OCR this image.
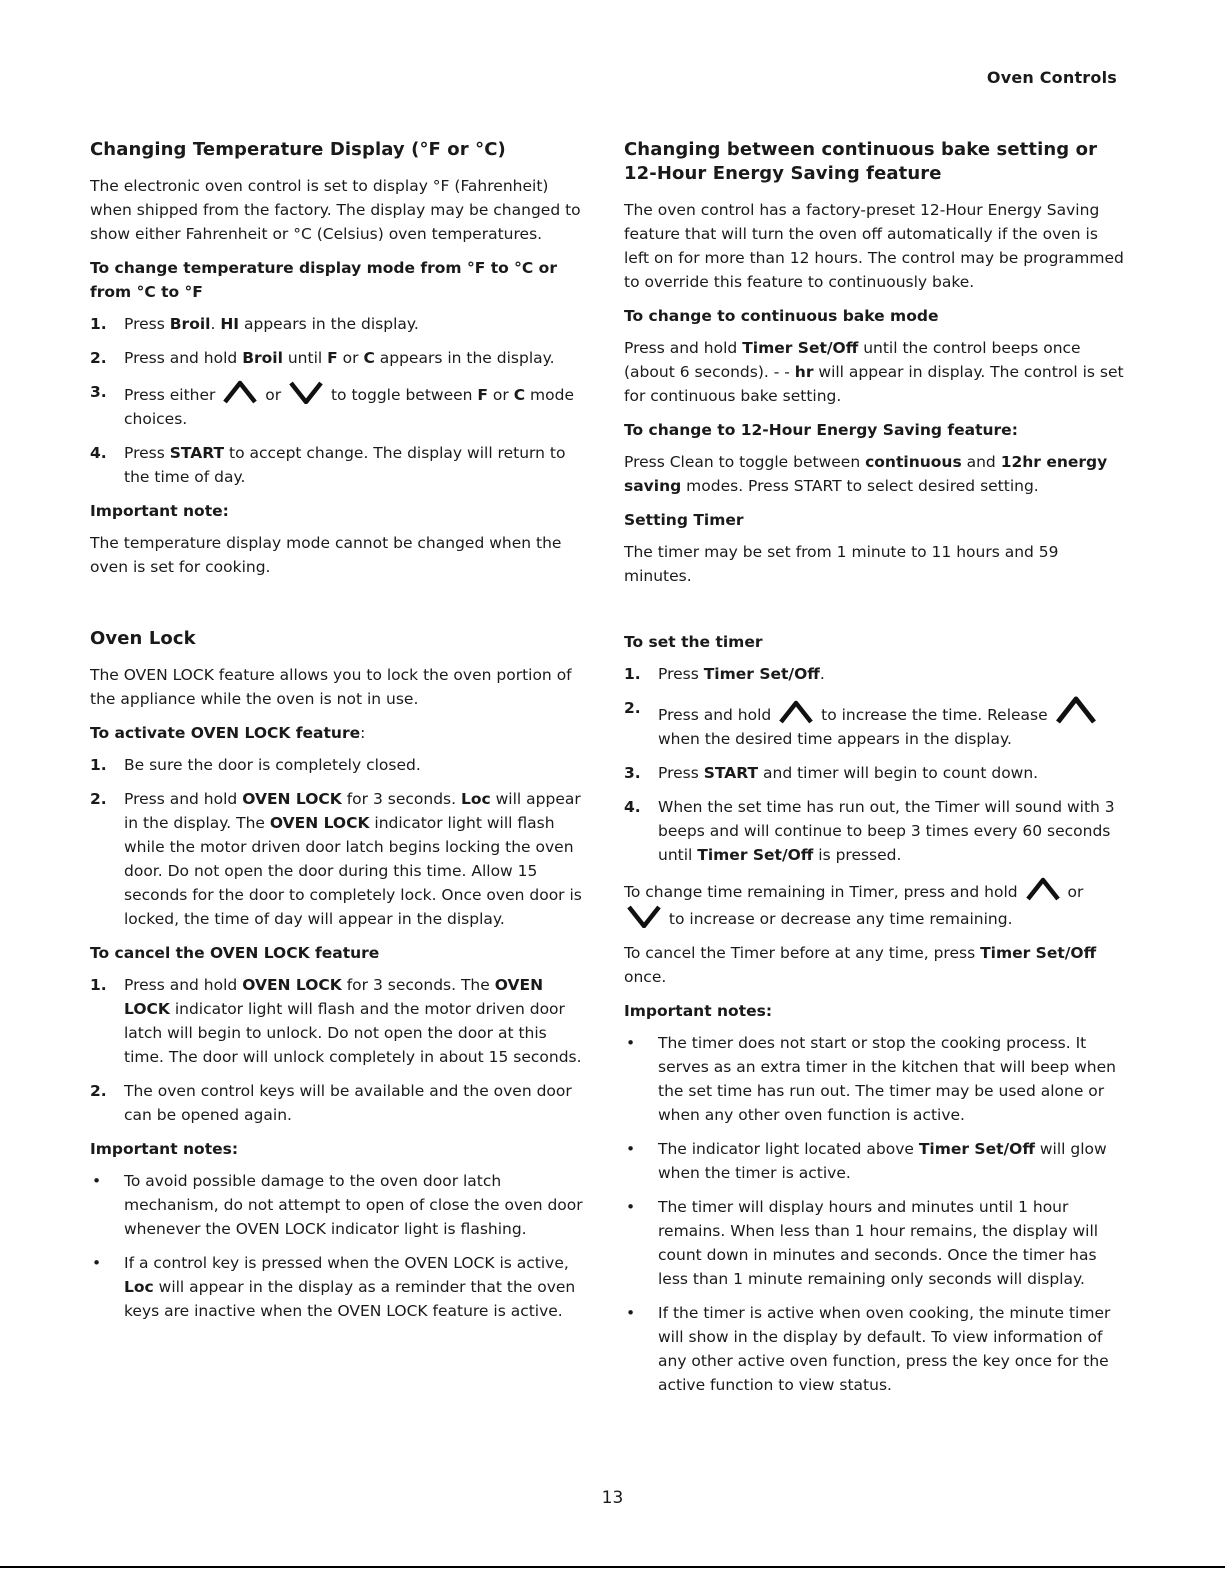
Oven Controls
Changing Temperature Display (°F or °C)

The electronic oven control is set to display °F (Fahrenheit) when shipped from the factory. The display may be changed to show either Fahrenheit or °C (Celsius) oven temperatures.

To change temperature display mode from °F to °C or from °C to °F
1. Press Broil. HI appears in the display.
2. Press and hold Broil until F or C appears in the display.
3. Press either	or	to toggle between F or C mode choices.
4. Press START to accept change. The display will return to the time of day.
Important note:

The temperature display mode cannot be changed when the oven is set for cooking.

Oven Lock

The OVEN LOCK feature allows you to lock the oven portion of the appliance while the oven is not in use.

To activate OVEN LOCK feature:
1. Be sure the door is completely closed.
2. Press and hold OVEN LOCK for 3 seconds. Loc will appear in the display. The OVEN LOCK indicator light will flash while the motor driven door latch begins locking the oven door. Do not open the door during this time. Allow 15 seconds for the door to completely lock. Once oven door is locked, the time of day will appear in the display.
To cancel the OVEN LOCK feature
1. Press and hold OVEN LOCK for 3 seconds. The OVEN LOCK indicator light will flash and the motor driven door latch will begin to unlock. Do not open the door at this time. The door will unlock completely in about 15 seconds.
2. The oven control keys will be available and the oven door can be opened again.
Important notes:
• To avoid possible damage to the oven door latch mechanism, do not attempt to open of close the oven door whenever the OVEN LOCK indicator light is flashing.
• If a control key is pressed when the OVEN LOCK is active, Loc will appear in the display as a reminder that the oven keys are inactive when the OVEN LOCK feature is active.
Changing between continuous bake setting or 12-Hour Energy Saving feature

The oven control has a factory-preset 12-Hour Energy Saving feature that will turn the oven off automatically if the oven is left on for more than 12 hours. The control may be programmed to override this feature to continuously bake.

To change to continuous bake mode

Press and hold Timer Set/Off until the control beeps once (about 6 seconds). - - hr will appear in display. The control is set for continuous bake setting.

To change to 12-Hour Energy Saving feature:

Press Clean to toggle between continuous and 12hr energy saving modes. Press START to select desired setting.

Setting Timer

The timer may be set from 1 minute to 11 hours and 59 minutes.

To set the timer
1. Press Timer Set/Off.
2. Press and hold	to increase the time. Release
when the desired time appears in the display.
3. Press START and timer will begin to count down.
4. When the set time has run out, the Timer will sound with 3 beeps and will continue to beep 3 times every 60 seconds until Timer Set/Off is pressed.

To change time remaining in Timer, press and hold	or

to increase or decrease any time remaining.

To cancel the Timer before at any time, press Timer Set/Off once.

Important notes:
• The timer does not start or stop the cooking process. It serves as an extra timer in the kitchen that will beep when the set time has run out. The timer may be used alone or when any other oven function is active.
• The indicator light located above Timer Set/Off will glow when the timer is active.
• The timer will display hours and minutes until 1 hour remains. When less than 1 hour remains, the display will count down in minutes and seconds. Once the timer has less than 1 minute remaining only seconds will display.
• If the timer is active when oven cooking, the minute timer will show in the display by default. To view information of any other active oven function, press the key once for the active function to view status.
13
